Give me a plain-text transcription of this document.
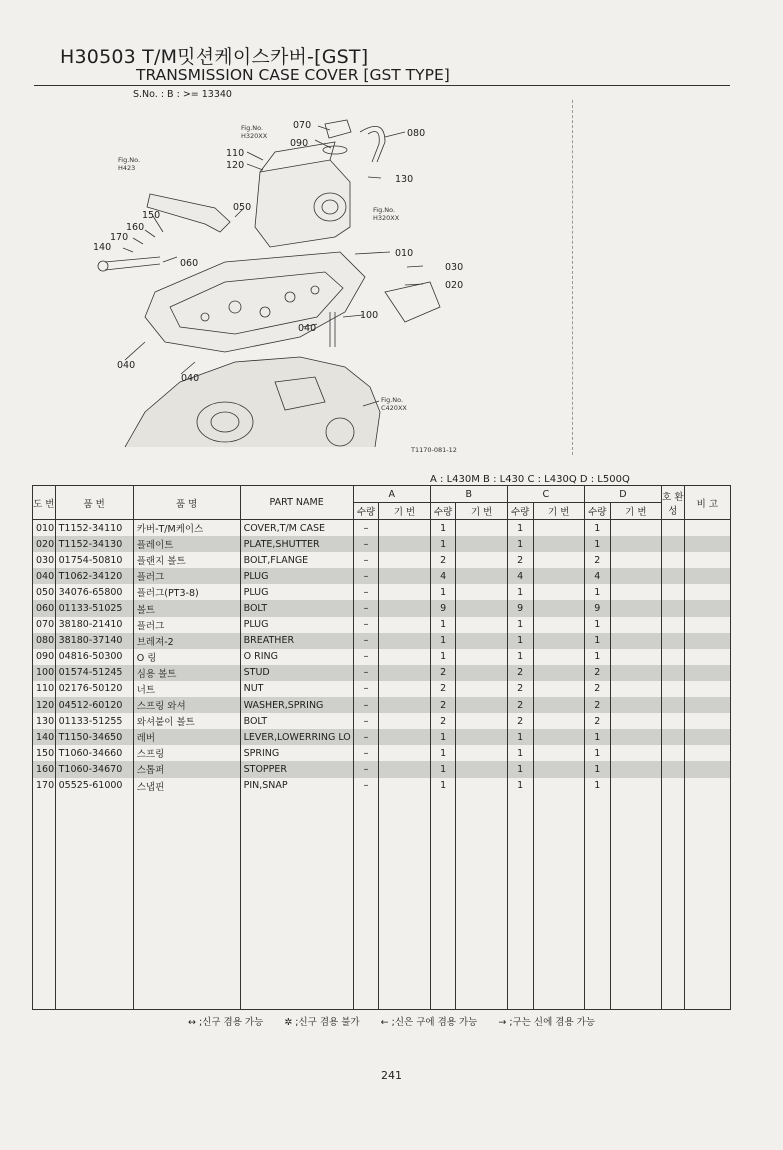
H30503 T/M밋션케이스카버-[GST]
TRANSMISSION CASE COVER [GST TYPE]
S.No. : B : >= 13340
070
080
090
110
120
130
150
160
170
140
050
060
010
030
020
100
040
040
040
Fig.No.
H320XX
Fig.No.
H423
Fig.No.
H320XX
Fig.No.
C420XX
T1170-081-12
A : L430M B : L430 C : L430Q D : L500Q
도 번	품 번	품 명	PART NAME	A		B		C		D		호 환 성	비 고
				수량	기 번	수량	기 번	수량	기 번	수량	기 번		
010	T1152-34110	카버-T/M케이스	COVER,T/M CASE	–		1		1		1			
020	T1152-34130	플레이트	PLATE,SHUTTER	–		1		1		1			
030	01754-50810	플랜지 볼트	BOLT,FLANGE	–		2		2		2			
040	T1062-34120	플러그	PLUG	–		4		4		4			
050	34076-65800	플러그(PT3-8)	PLUG	–		1		1		1			
060	01133-51025	볼트	BOLT	–		9		9		9			
070	38180-21410	플러그	PLUG	–		1		1		1			
080	38180-37140	브레져-2	BREATHER	–		1		1		1			
090	04816-50300	O 링	O RING	–		1		1		1			
100	01574-51245	심용 볼트	STUD	–		2		2		2			
110	02176-50120	너트	NUT	–		2		2		2			
120	04512-60120	스프링 와셔	WASHER,SPRING	–		2		2		2			
130	01133-51255	와셔붙이 볼트	BOLT	–		2		2		2			
140	T1150-34650	레버	LEVER,LOWERRING LO	–		1		1		1			
150	T1060-34660	스프링	SPRING	–		1		1		1			
160	T1060-34670	스톱퍼	STOPPER	–		1		1		1			
170	05525-61000	스냅핀	PIN,SNAP	–		1		1		1			

↔ ;신구 겸용 가능 ✲ ;신구 겸용 불가 ← ;신은 구에 겸용 가능 → ;구는 신에 겸용 가능
241
